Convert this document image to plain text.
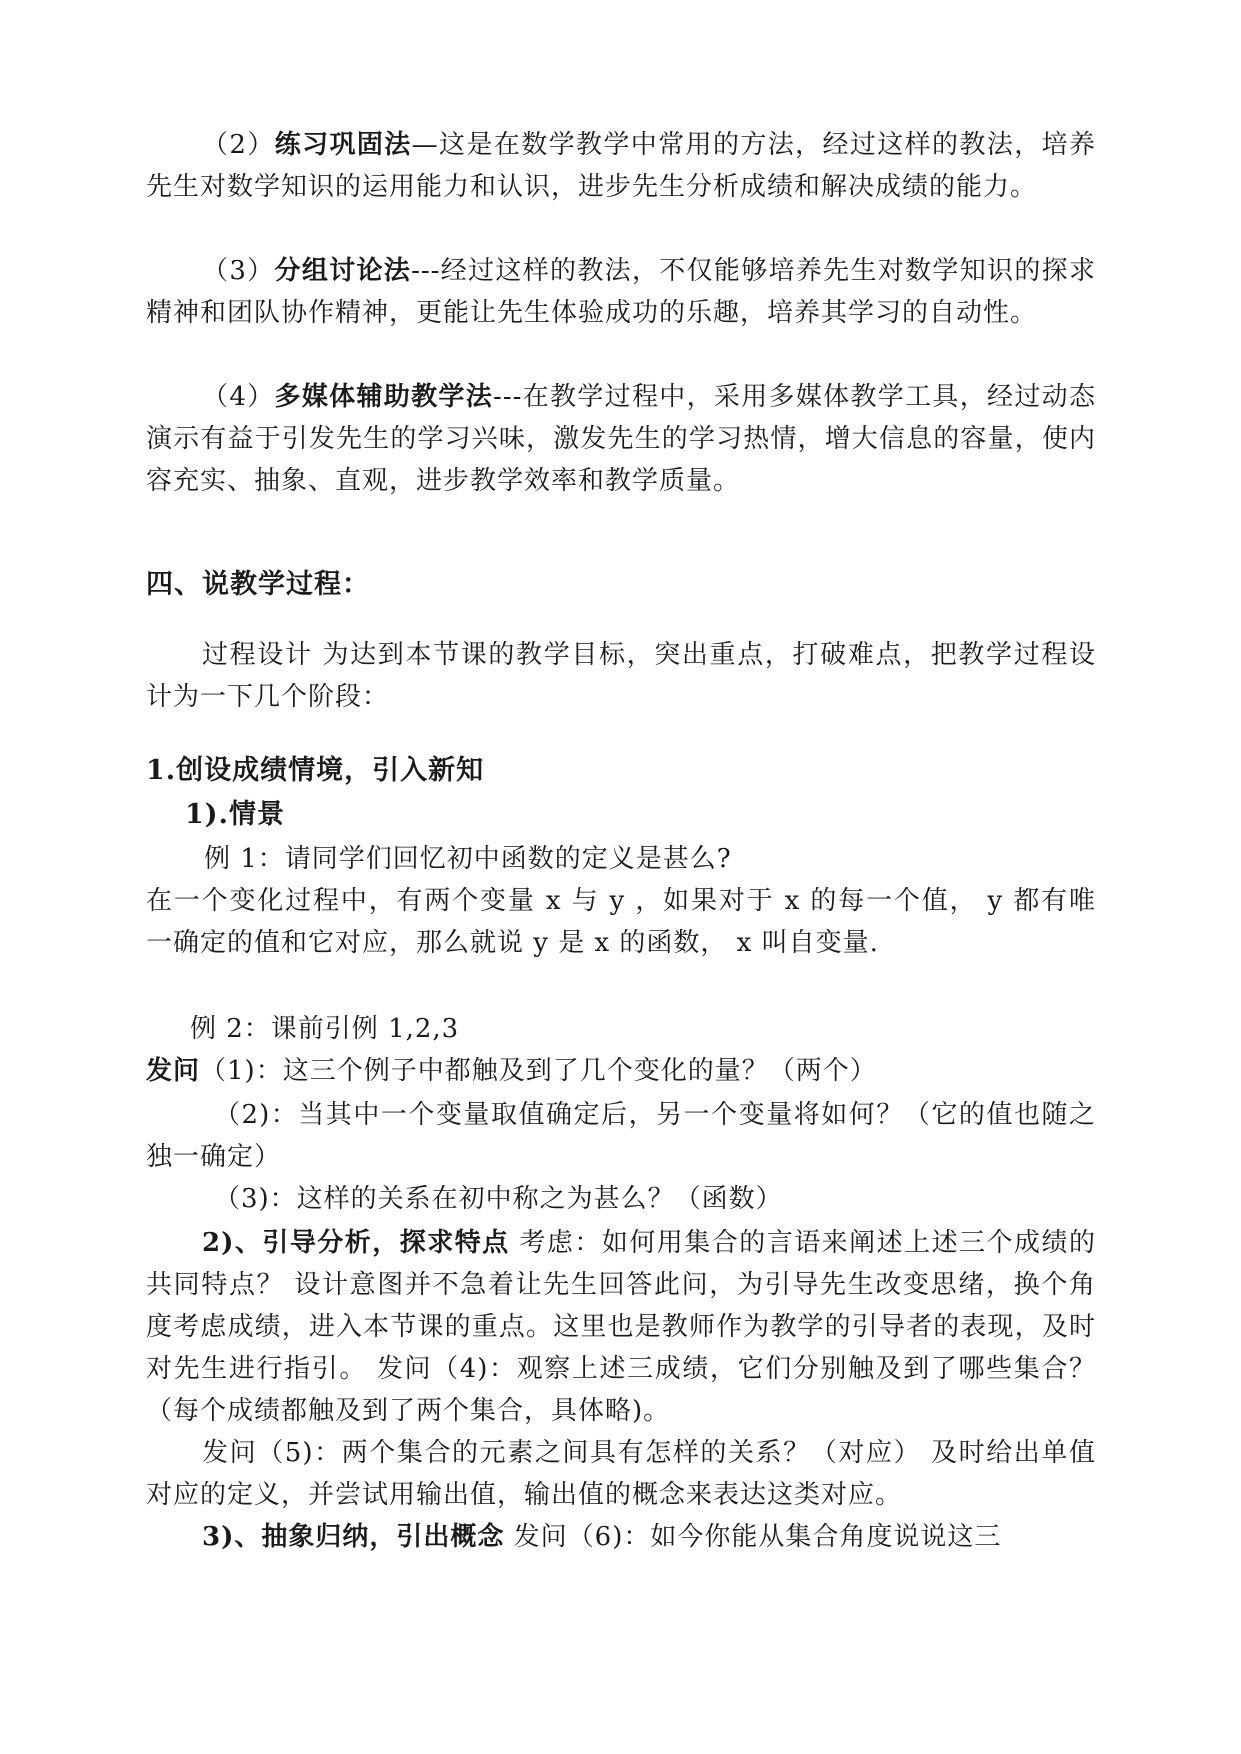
（2）练习巩固法—这是在数学教学中常用的方法，经过这样的教法，培养先生对数学知识的运用能力和认识，进步先生分析成绩和解决成绩的能力。

（3）分组讨论法---经过这样的教法，不仅能够培养先生对数学知识的探求精神和团队协作精神，更能让先生体验成功的乐趣，培养其学习的自动性。

（4）多媒体辅助教学法---在教学过程中，采用多媒体教学工具，经过动态演示有益于引发先生的学习兴味，激发先生的学习热情，增大信息的容量，使内容充实、抽象、直观，进步教学效率和教学质量。

四、说教学过程：

过程设计 为达到本节课的教学目标，突出重点，打破难点，把教学过程设计为一下几个阶段：

1.创设成绩情境，引入新知

1).情景

例 1：请同学们回忆初中函数的定义是甚么?

在一个变化过程中，有两个变量 x 与 y ，如果对于 x 的每一个值， y 都有唯 一确定的值和它对应，那么就说 y 是 x 的函数， x 叫自变量.

例 2：课前引例 1,2,3

发问（1)：这三个例子中都触及到了几个变化的量？（两个）

（2)：当其中一个变量取值确定后，另一个变量将如何？（它的值也随之独一确定）

（3)：这样的关系在初中称之为甚么？（函数）

2)、引导分析，探求特点 考虑：如何用集合的言语来阐述上述三个成绩的共同特点？ 设计意图并不急着让先生回答此问，为引导先生改变思绪，换个角度考虑成绩，进入本节课的重点。这里也是教师作为教学的引导者的表现，及时对先生进行指引。 发问（4)：观察上述三成绩，它们分别触及到了哪些集合？（每个成绩都触及到了两个集合，具体略)。

发问（5)：两个集合的元素之间具有怎样的关系？（对应） 及时给出单值对应的定义，并尝试用输出值，输出值的概念来表达这类对应。

3)、抽象归纳，引出概念 发问（6)：如今你能从集合角度说说这三
